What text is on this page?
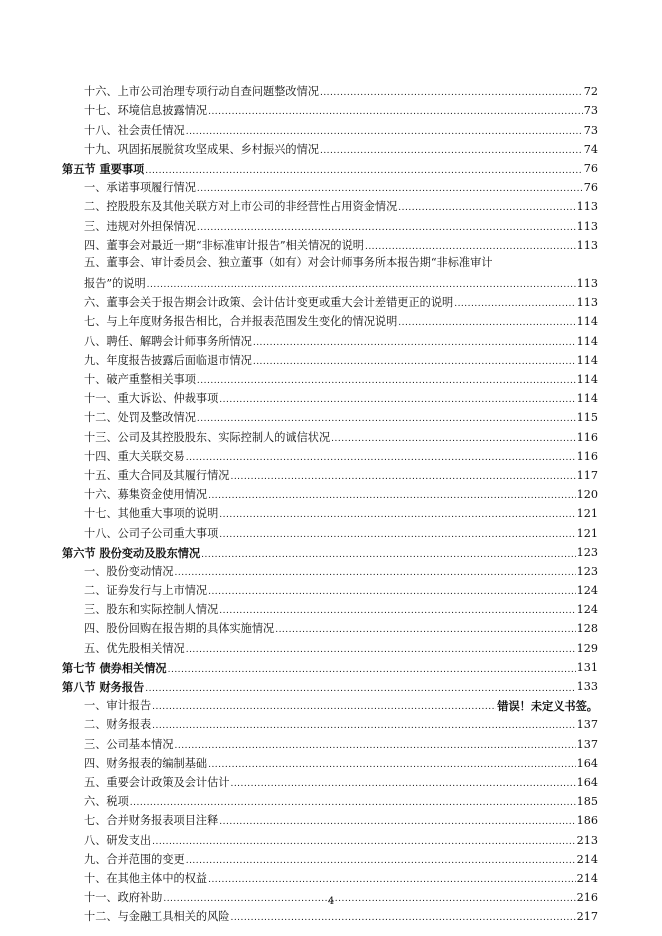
十六、上市公司治理专项行动自查问题整改情况 .....	72
十七、环境信息披露情况 .....	73
十八、社会责任情况 .....	73
十九、巩固拓展脱贫攻坚成果、乡村振兴的情况 .....	74
第五节 重要事项 .....	76
一、承诺事项履行情况 .....	76
二、控股股东及其他关联方对上市公司的非经营性占用资金情况 .....	113
三、违规对外担保情况 .....	113
四、董事会对最近一期“非标准审计报告”相关情况的说明 .....	113
五、董事会、审计委员会、独立董事（如有）对会计师事务所本报告期“非标准审计
报告”的说明 .....	113
六、董事会关于报告期会计政策、会计估计变更或重大会计差错更正的说明 .....	113
七、与上年度财务报告相比，合并报表范围发生变化的情况说明 .....	114
八、聘任、解聘会计师事务所情况 .....	114
九、年度报告披露后面临退市情况 .....	114
十、破产重整相关事项 .....	114
十一、重大诉讼、仲裁事项 .....	114
十二、处罚及整改情况 .....	115
十三、公司及其控股股东、实际控制人的诚信状况 .....	116
十四、重大关联交易 .....	116
十五、重大合同及其履行情况 .....	117
十六、募集资金使用情况 .....	120
十七、其他重大事项的说明 .....	121
十八、公司子公司重大事项 .....	121
第六节 股份变动及股东情况 .....	123
一、股份变动情况 .....	123
二、证券发行与上市情况 .....	124
三、股东和实际控制人情况 .....	124
四、股份回购在报告期的具体实施情况 .....	128
五、优先股相关情况 .....	129
第七节 债券相关情况 .....	131
第八节 财务报告 .....	133
一、审计报告 .....	错误！未定义书签。
二、财务报表 .....	137
三、公司基本情况 .....	137
四、财务报表的编制基础 .....	164
五、重要会计政策及会计估计 .....	164
六、税项 .....	185
七、合并财务报表项目注释 .....	186
八、研发支出 .....	213
九、合并范围的变更 .....	214
十、在其他主体中的权益 .....	214
十一、政府补助 .....	216
十二、与金融工具相关的风险 .....	217
4
